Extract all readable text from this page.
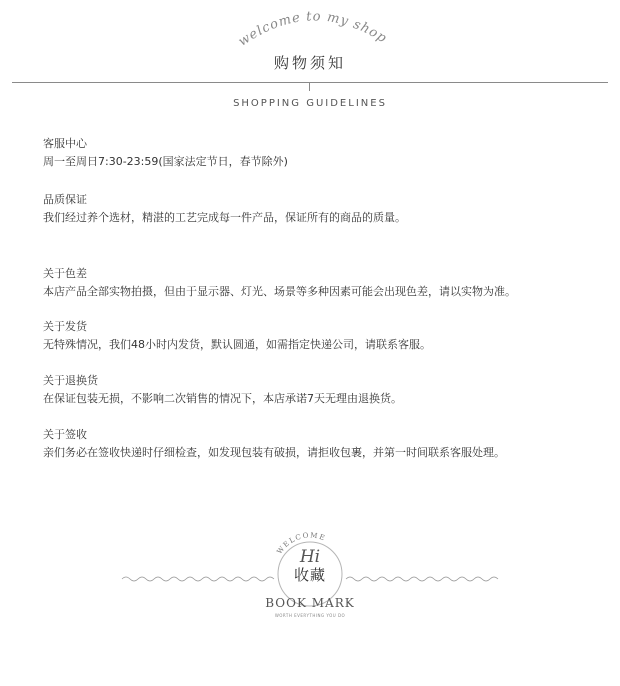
welcome to my shop
购物须知
SHOPPING GUIDELINES
客服中心

周一至周日7:30-23:59(国家法定节日，春节除外)

品质保证

我们经过养个选材，精湛的工艺完成每一件产品，保证所有的商品的质量。

关于色差

本店产品全部实物拍摄，但由于显示器、灯光、场景等多种因素可能会出现色差，请以实物为准。

关于发货

无特殊情况，我们48小时内发货，默认圆通，如需指定快递公司，请联系客服。

关于退换货

在保证包装无损，不影响二次销售的情况下，本店承诺7天无理由退换货。

关于签收

亲们务必在签收快递时仔细检查，如发现包装有破损，请拒收包裹，并第一时间联系客服处理。

WELCOME
Hi
收藏
BOOK MARK
WORTH EVERYTHING YOU DO
